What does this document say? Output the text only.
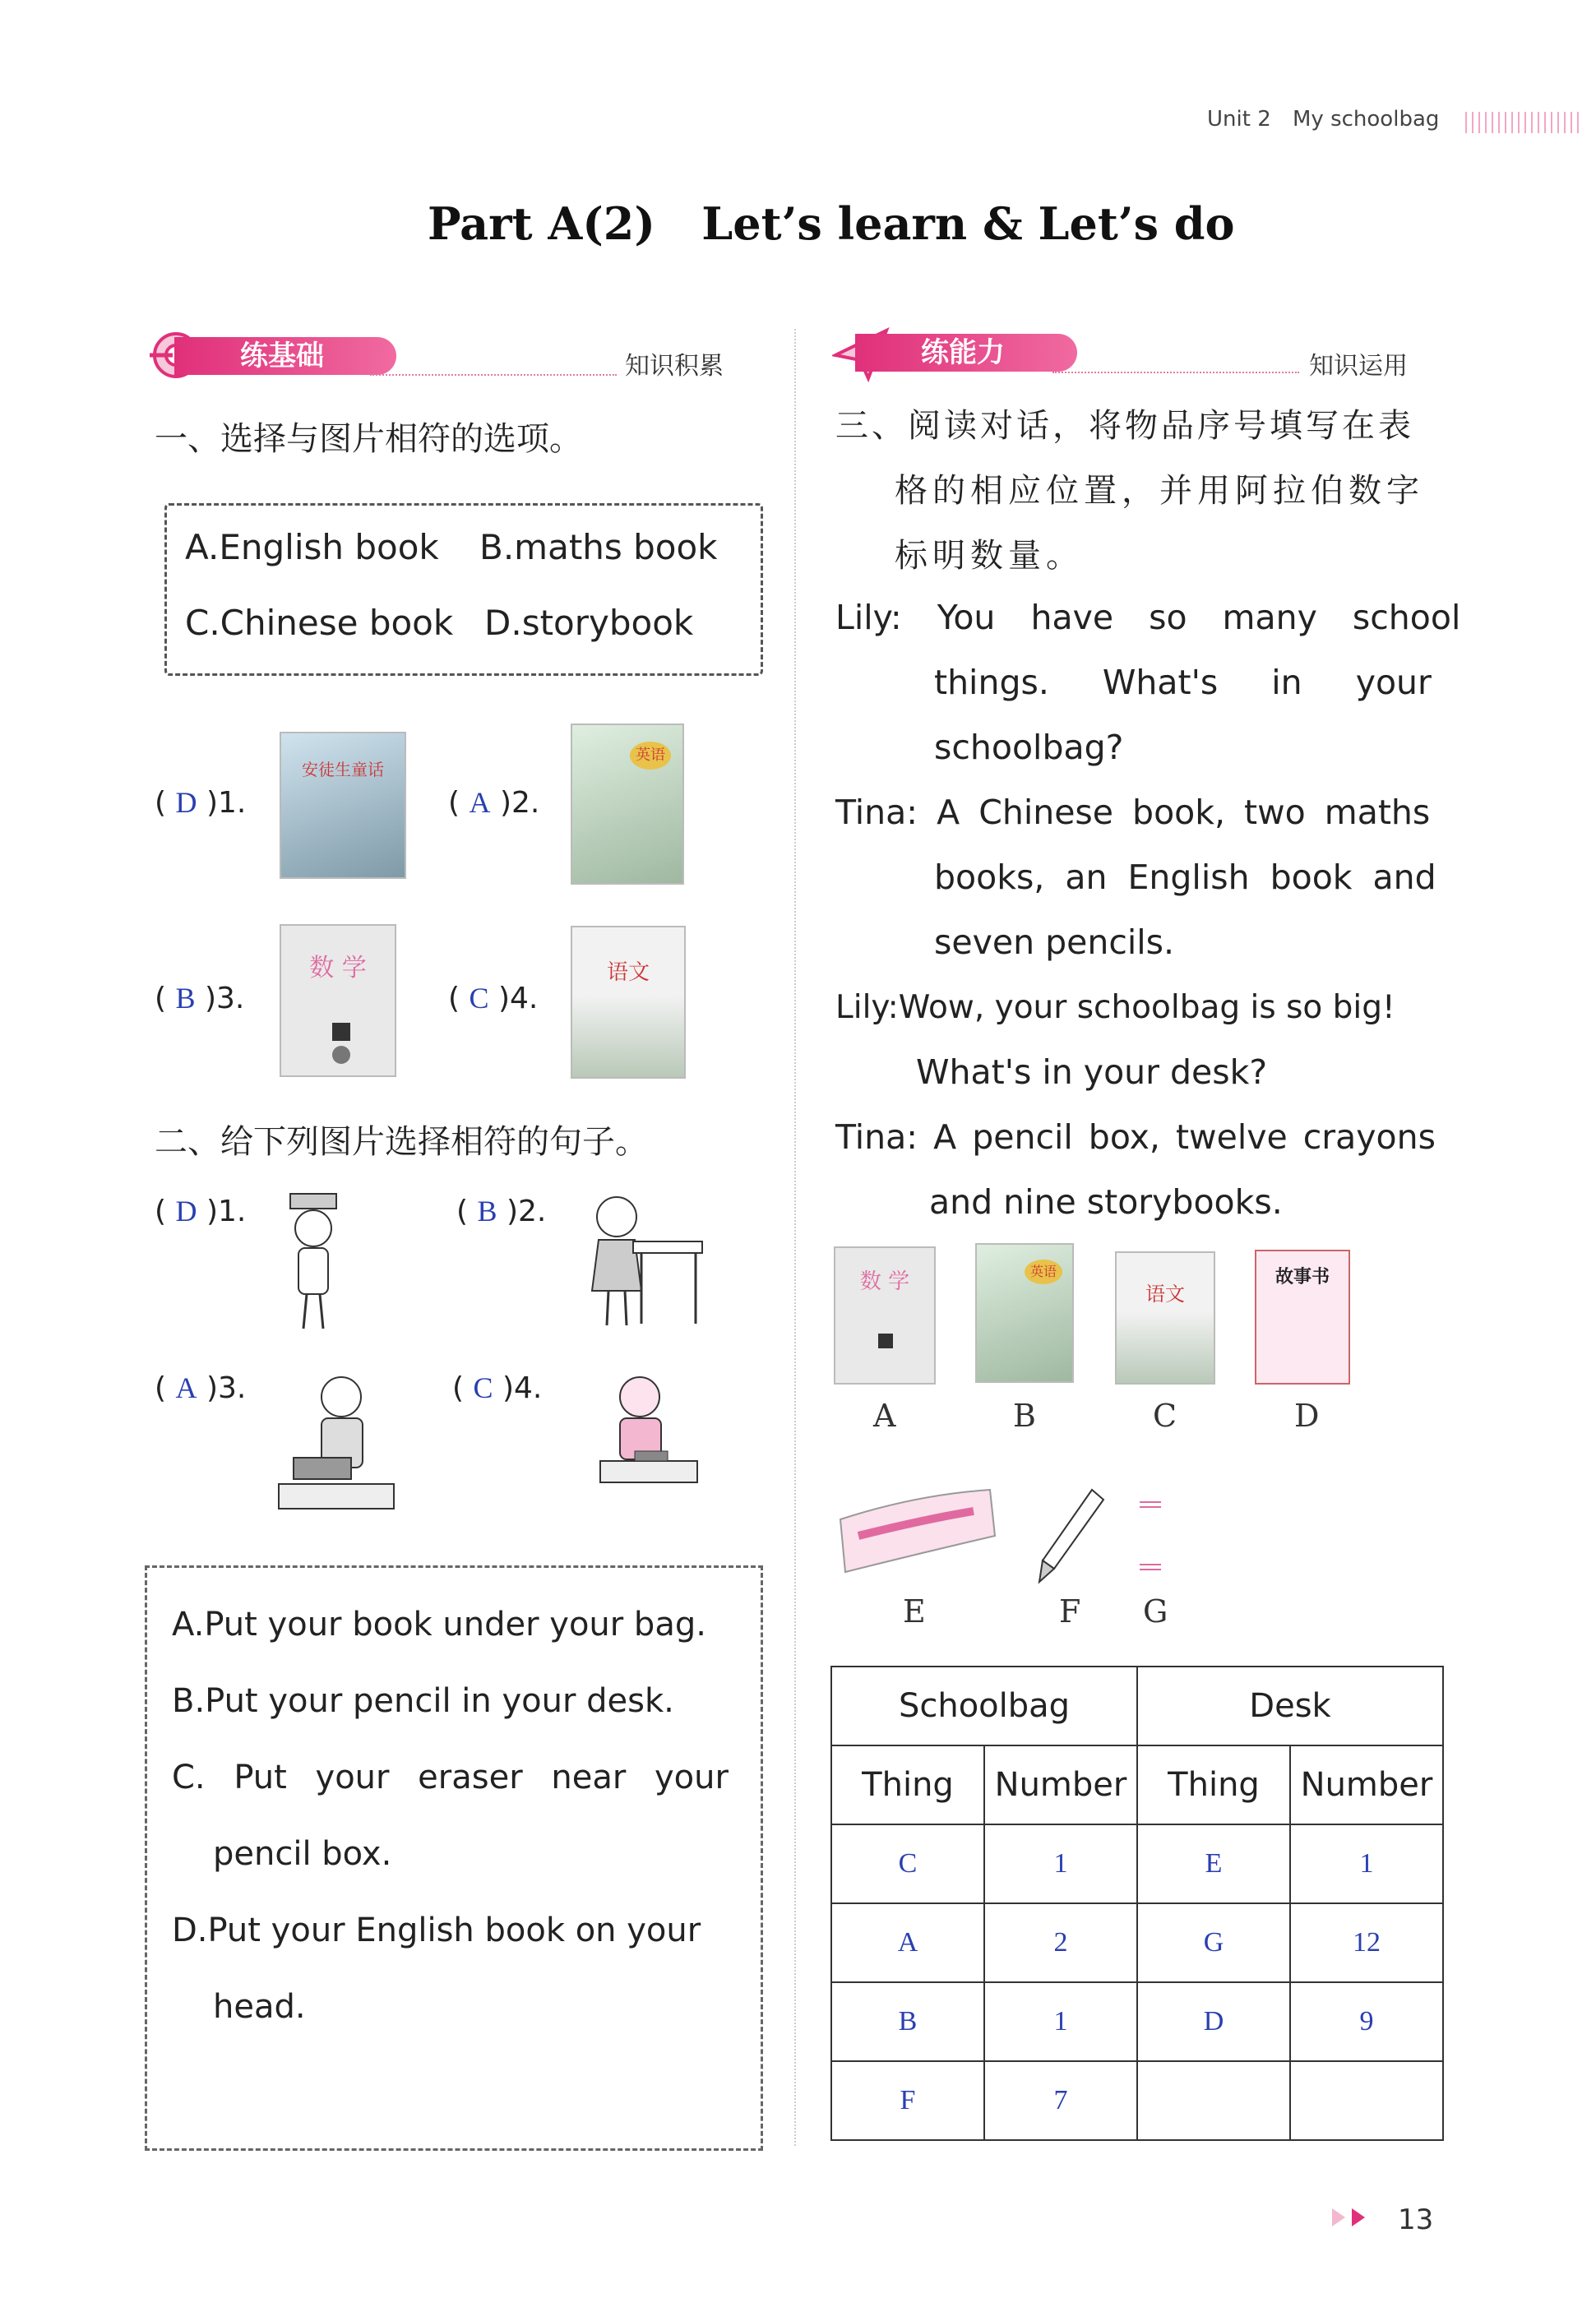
Unit 2 My schoolbag
Part A(2)   Let’s learn & Let’s do
练基础	知识积累
一、选择与图片相符的选项。
A.English book B.maths book
C.Chinese book D.storybook
( D )1.
安徒生童话
( A )2.
英语
( B )3.
数 学
( C )4.
语文
二、给下列图片选择相符的句子。
( D )1.	( B )2.
( A )3.	( C )4.
A.Put your book under your bag.
B.Put your pencil in your desk.
C. Put your eraser near your
pencil box.
D.Put your English book on your
head.
练能力	知识运用
三、阅读对话，将物品序号填写在表
格的相应位置，并用阿拉伯数字
标明数量。
Lily: You have so many school
things. What's in your
schoolbag?
Tina: A Chinese book, two maths
books, an English book and
seven pencils.
Lily:Wow, your schoolbag is so big!
What's in your desk?
Tina: A pencil box, twelve crayons
and nine storybooks.
数 学	英语
语文
故事书
A	B	C	D
E	F G
Schoolbag		Desk	
Thing	Number	Thing	Number
C	1	E	1
A	2	G	12
B	1	D	9
F	7		
13
